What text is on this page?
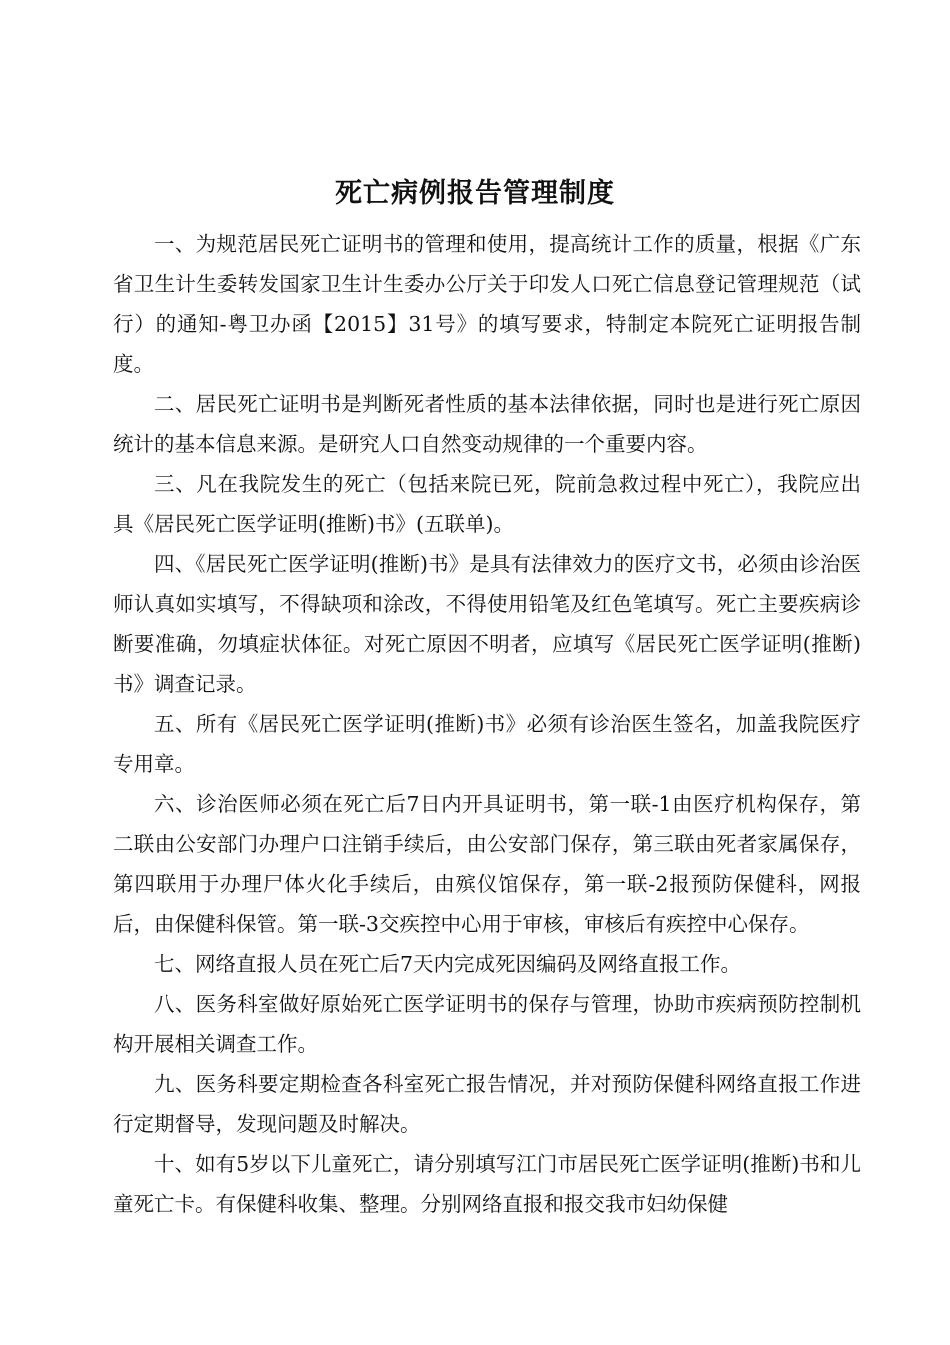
死亡病例报告管理制度

一、为规范居民死亡证明书的管理和使用，提高统计工作的质量，根据《广东省卫生计生委转发国家卫生计生委办公厅关于印发人口死亡信息登记管理规范（试行）的通知-粤卫办函【2015】31号》的填写要求，特制定本院死亡证明报告制度。

二、居民死亡证明书是判断死者性质的基本法律依据，同时也是进行死亡原因统计的基本信息来源。是研究人口自然变动规律的一个重要内容。

三、凡在我院发生的死亡（包括来院已死，院前急救过程中死亡），我院应出具《居民死亡医学证明(推断)书》(五联单)。

四、《居民死亡医学证明(推断)书》是具有法律效力的医疗文书，必须由诊治医师认真如实填写，不得缺项和涂改，不得使用铅笔及红色笔填写。死亡主要疾病诊断要准确，勿填症状体征。对死亡原因不明者，应填写《居民死亡医学证明(推断)书》调查记录。

五、所有《居民死亡医学证明(推断)书》必须有诊治医生签名，加盖我院医疗专用章。

六、诊治医师必须在死亡后7日内开具证明书，第一联-1由医疗机构保存，第二联由公安部门办理户口注销手续后，由公安部门保存，第三联由死者家属保存，第四联用于办理尸体火化手续后，由殡仪馆保存，第一联-2报预防保健科，网报后，由保健科保管。第一联-3交疾控中心用于审核，审核后有疾控中心保存。

七、网络直报人员在死亡后7天内完成死因编码及网络直报工作。

八、医务科室做好原始死亡医学证明书的保存与管理，协助市疾病预防控制机构开展相关调查工作。

九、医务科要定期检查各科室死亡报告情况，并对预防保健科网络直报工作进行定期督导，发现问题及时解决。

十、如有5岁以下儿童死亡，请分别填写江门市居民死亡医学证明(推断)书和儿童死亡卡。有保健科收集、整理。分别网络直报和报交我市妇幼保健
